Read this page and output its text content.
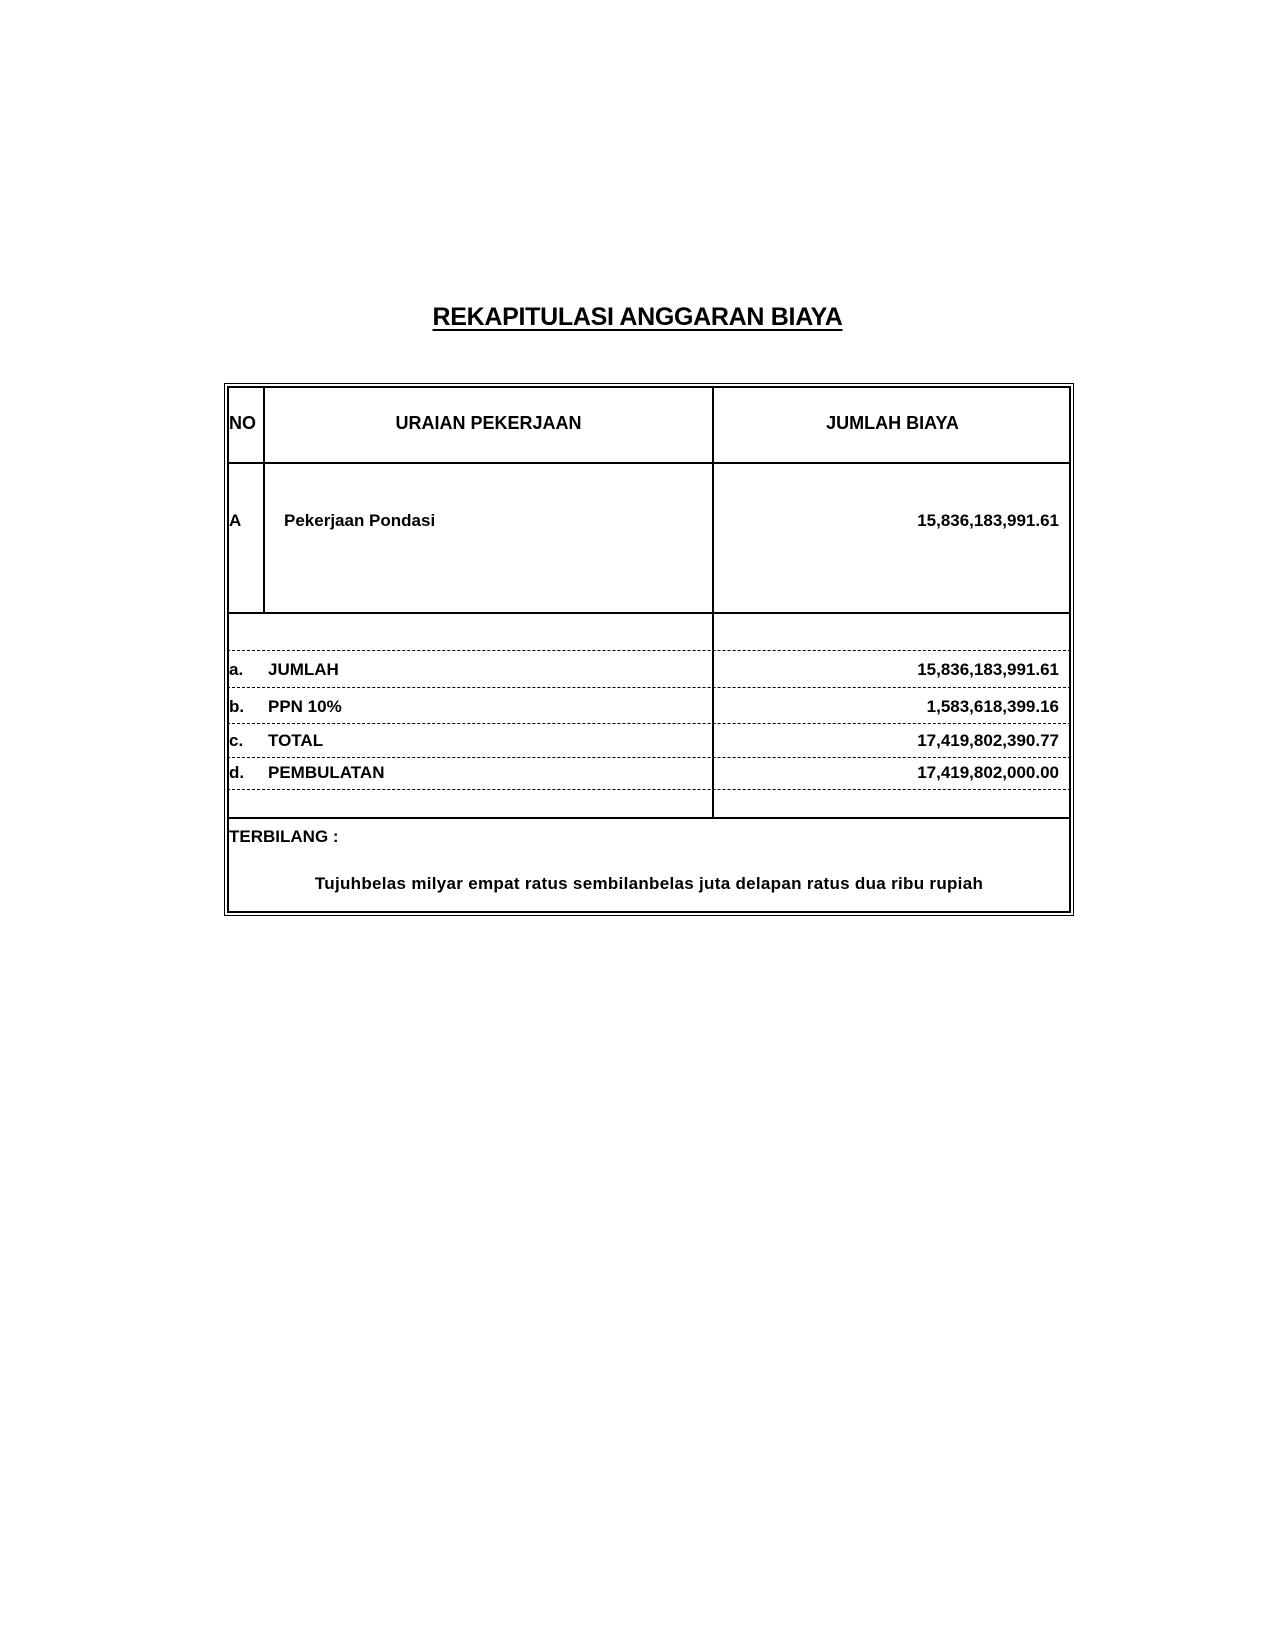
REKAPITULASI ANGGARAN BIAYA
NO	URAIAN PEKERJAAN	JUMLAH BIAYA
A	Pekerjaan Pondasi	15,836,183,991.61
a. JUMLAH	15,836,183,991.61
b. PPN 10%	1,583,618,399.16
c. TOTAL	17,419,802,390.77
d. PEMBULATAN	17,419,802,000.00
TERBILANG :
Tujuhbelas milyar empat ratus sembilanbelas juta delapan ratus dua ribu rupiah
